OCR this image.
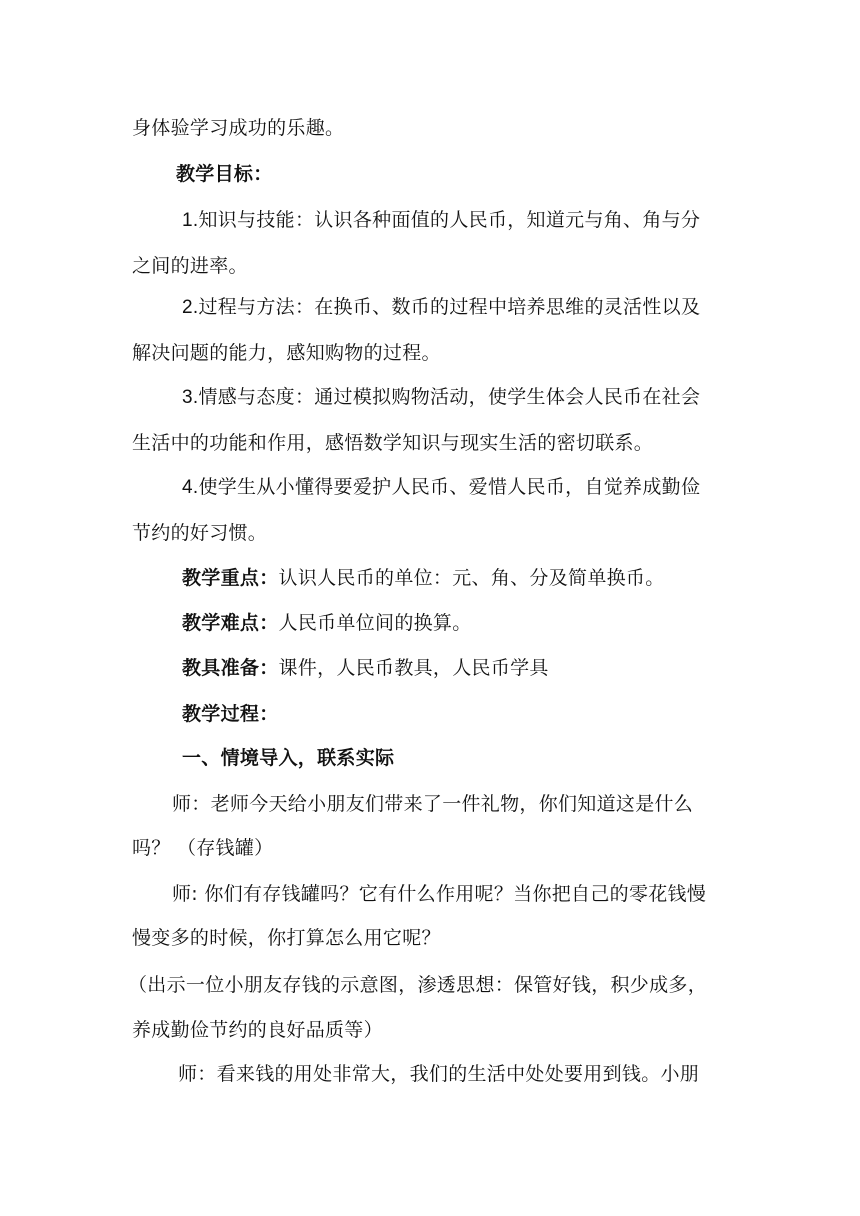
身体验学习成功的乐趣。
教学目标：
1.知识与技能：认识各种面值的人民币，知道元与角、角与分
之间的进率。
2.过程与方法：在换币、数币的过程中培养思维的灵活性以及
解决问题的能力，感知购物的过程。
3.情感与态度：通过模拟购物活动，使学生体会人民币在社会
生活中的功能和作用，感悟数学知识与现实生活的密切联系。
4.使学生从小懂得要爱护人民币、爱惜人民币，自觉养成勤俭
节约的好习惯。
教学重点：认识人民币的单位：元、角、分及简单换币。
教学难点：人民币单位间的换算。
教具准备：课件，人民币教具，人民币学具
教学过程：
一、情境导入，联系实际
师：老师今天给小朋友们带来了一件礼物，你们知道这是什么
吗？ （存钱罐）
师: 你们有存钱罐吗？它有什么作用呢？当你把自己的零花钱慢
慢变多的时候，你打算怎么用它呢？
（出示一位小朋友存钱的示意图，渗透思想：保管好钱，积少成多，
养成勤俭节约的良好品质等）
师：看来钱的用处非常大，我们的生活中处处要用到钱。小朋
